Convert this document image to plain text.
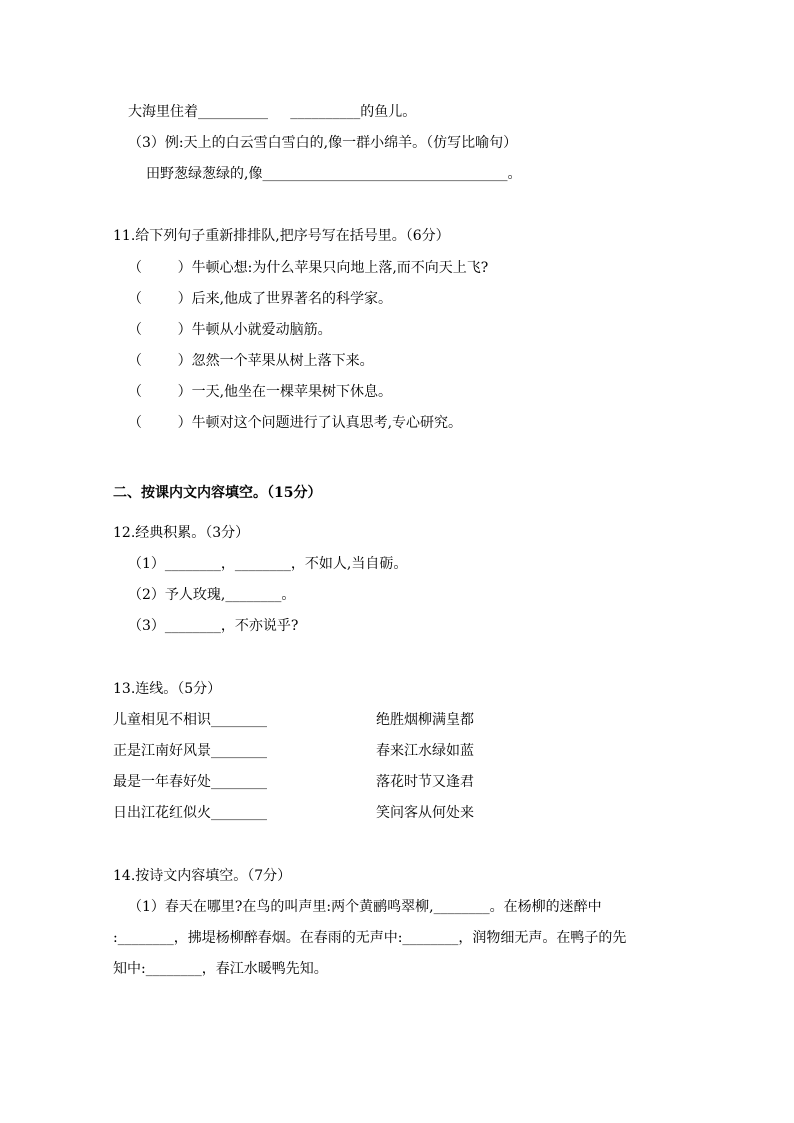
大海里住着__________     __________的鱼儿。
（3）例:天上的白云雪白雪白的,像一群小绵羊。（仿写比喻句）
田野葱绿葱绿的,像___________________________________。
11.给下列句子重新排排队,把序号写在括号里。（6分）
（        ）牛顿心想:为什么苹果只向地上落,而不向天上飞?
（        ）后来,他成了世界著名的科学家。
（        ）牛顿从小就爱动脑筋。
（        ）忽然一个苹果从树上落下来。
（        ）一天,他坐在一棵苹果树下休息。
（        ）牛顿对这个问题进行了认真思考,专心研究。
二、按课内文内容填空。（15分）
12.经典积累。（3分）
（1）________，________，不如人,当自砺。
（2）予人玫瑰,________。
（3）________，不亦说乎?
13.连线。（5分）
儿童相见不相识________	绝胜烟柳满皇都
正是江南好风景________	春来江水绿如蓝
最是一年春好处________	落花时节又逢君
日出江花红似火________	笑问客从何处来
14.按诗文内容填空。（7分）
（1）春天在哪里?在鸟的叫声里:两个黄鹂鸣翠柳,________。在杨柳的迷醉中
:________，拂堤杨柳醉春烟。在春雨的无声中:________，润物细无声。在鸭子的先
知中:________，春江水暖鸭先知。
